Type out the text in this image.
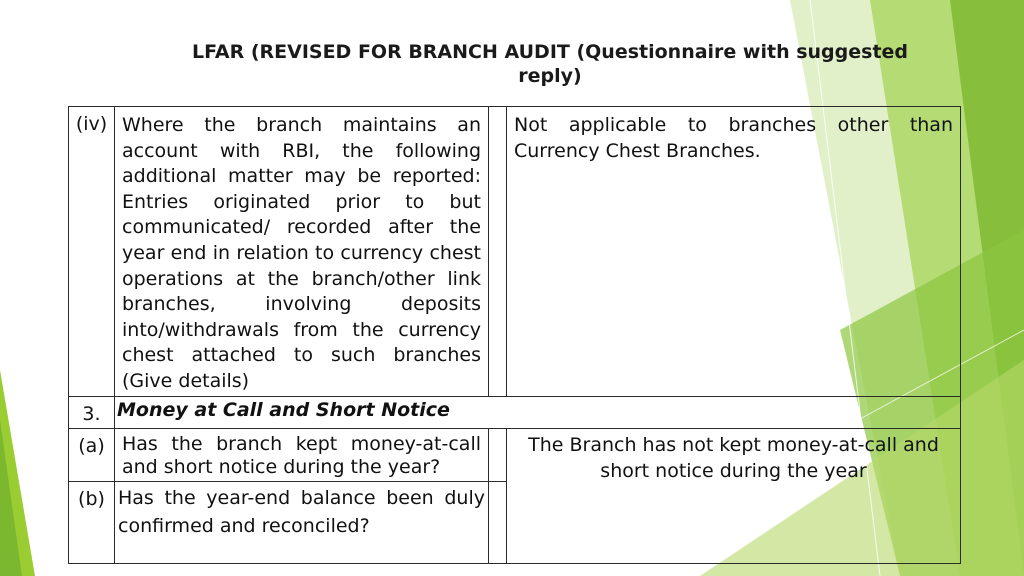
LFAR (REVISED FOR BRANCH AUDIT (Questionnaire with suggested
reply)
(iv)	Where the branch maintains an account with RBI, the following additional matter may be reported: Entries originated prior to but communicated/ recorded after the year end in relation to currency chest operations at the branch/other link branches, involving deposits into/withdrawals from the currency chest attached to such branches (Give details)		Not applicable to branches other than Currency Chest Branches.
3.	Money at Call and Short Notice		
(a)	Has the branch kept money-at-call and short notice during the year?		The Branch has not kept money-at-call and short notice during the year
(b)	Has the year-end balance been duly confirmed and reconciled?		
